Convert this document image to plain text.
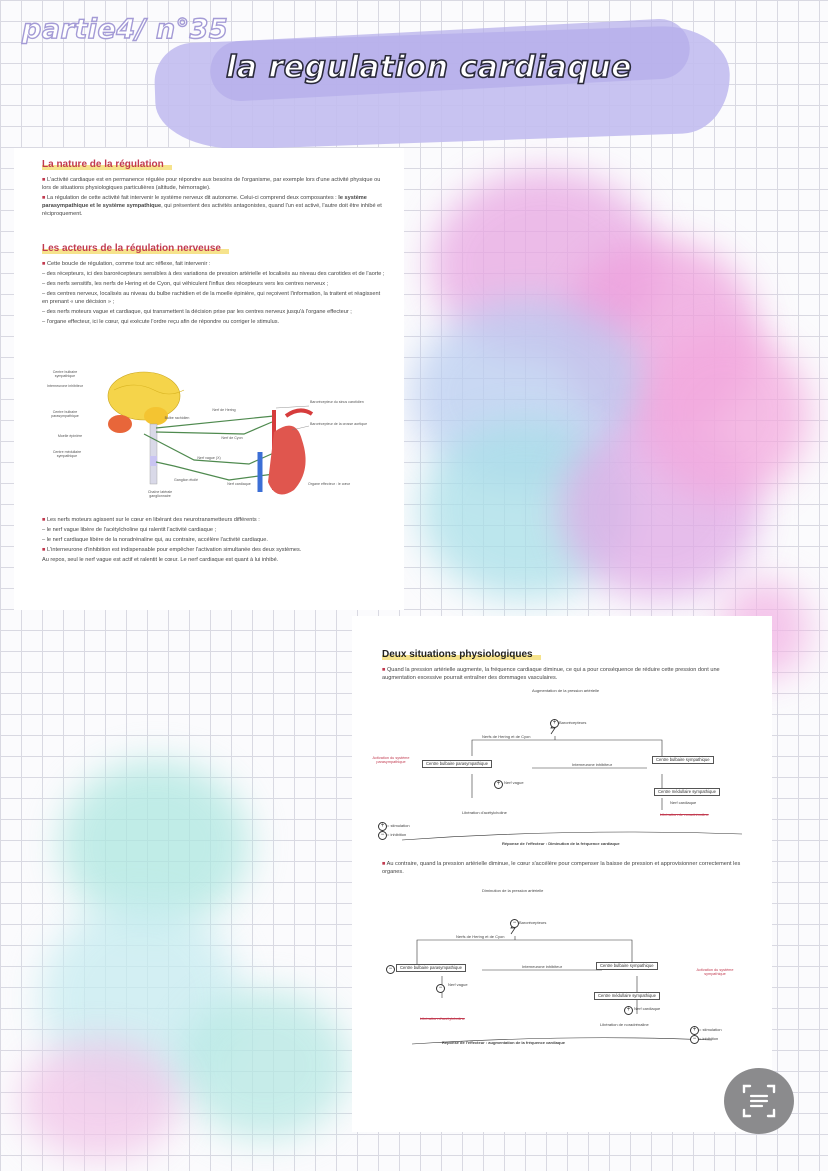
partie4/ n°35
la regulation cardiaque
La nature de la régulation

■ L'activité cardiaque est en permanence régulée pour répondre aux besoins de l'organisme, par exemple lors d'une activité physique ou lors de situations physiologiques particulières (altitude, hémorragie).

■ La régulation de cette activité fait intervenir le système nerveux dit autonome. Celui-ci comprend deux composantes : le système parasympathique et le système sympathique, qui présentent des activités antagonistes, quand l'un est activé, l'autre doit être inhibé et réciproquement.

Les acteurs de la régulation nerveuse

■ Cette boucle de régulation, comme tout arc réflexe, fait intervenir :

– des récepteurs, ici des barorécepteurs sensibles à des variations de pression artérielle et localisés au niveau des carotides et de l'aorte ;

– des nerfs sensitifs, les nerfs de Hering et de Cyon, qui véhiculent l'influx des récepteurs vers les centres nerveux ;

– des centres nerveux, localisés au niveau du bulbe rachidien et de la moelle épinière, qui reçoivent l'information, la traitent et réagissent en prenant « une décision » ;

– des nerfs moteurs vague et cardiaque, qui transmettent la décision prise par les centres nerveux jusqu'à l'organe effecteur ;

– l'organe effecteur, ici le cœur, qui exécute l'ordre reçu afin de répondre ou corriger le stimulus.

Centre bulbaire sympathique
Interneurone inhibiteur
Centre bulbaire parasympathique
Moelle épinière
Centre médullaire sympathique
Bulbe rachidien
Ganglion étoilé
Chaîne latérale ganglionnaire
Nerf de Hering
Nerf de Cyon
Nerf vague (X)
Nerf cardiaque
Barorécepteur du sinus carotidien
Barorécepteur de la crosse aortique
Organe effecteur : le cœur

■ Les nerfs moteurs agissent sur le cœur en libérant des neurotransmetteurs différents :

– le nerf vague libère de l'acétylcholine qui ralentit l'activité cardiaque ;

– le nerf cardiaque libère de la noradrénaline qui, au contraire, accélère l'activité cardiaque.

■ L'interneurone d'inhibition est indispensable pour empêcher l'activation simultanée des deux systèmes.

Au repos, seul le nerf vague est actif et ralentit le cœur. Le nerf cardiaque est quant à lui inhibé.

Deux situations physiologiques

■ Quand la pression artérielle augmente, la fréquence cardiaque diminue, ce qui a pour conséquence de réduire cette pression dont une augmentation excessive pourrait entraîner des dommages vasculaires.

Augmentation de la pression artérielle
+ Barorécepteurs
Nerfs de Hering et de Cyon
Activation du système parasympathique	Centre bulbaire parasympathique	Interneurone inhibiteur
Centre bulbaire sympathique
Centre médullaire sympathique
+ Nerf vague
Nerf cardiaque
Libération d'acétylcholine	Libération de noradrénaline
+ = stimulation
− = inhibition
Réponse de l'effecteur : Diminution de la fréquence cardiaque

■ Au contraire, quand la pression artérielle diminue, le cœur s'accélère pour compenser la baisse de pression et approvisionner correctement les organes.

Diminution de la pression artérielle
− Barorécepteurs
Nerfs de Hering et de Cyon
−	Centre bulbaire parasympathique	Interneurone inhibiteur	Centre bulbaire sympathique
Centre médullaire sympathique
−
Nerf vague
+ Nerf cardiaque
Libération d'acétylcholine
Libération de noradrénaline
Activation du système sympathique
+ = stimulation
− = inhibition
Réponse de l'effecteur : augmentation de la fréquence cardiaque
